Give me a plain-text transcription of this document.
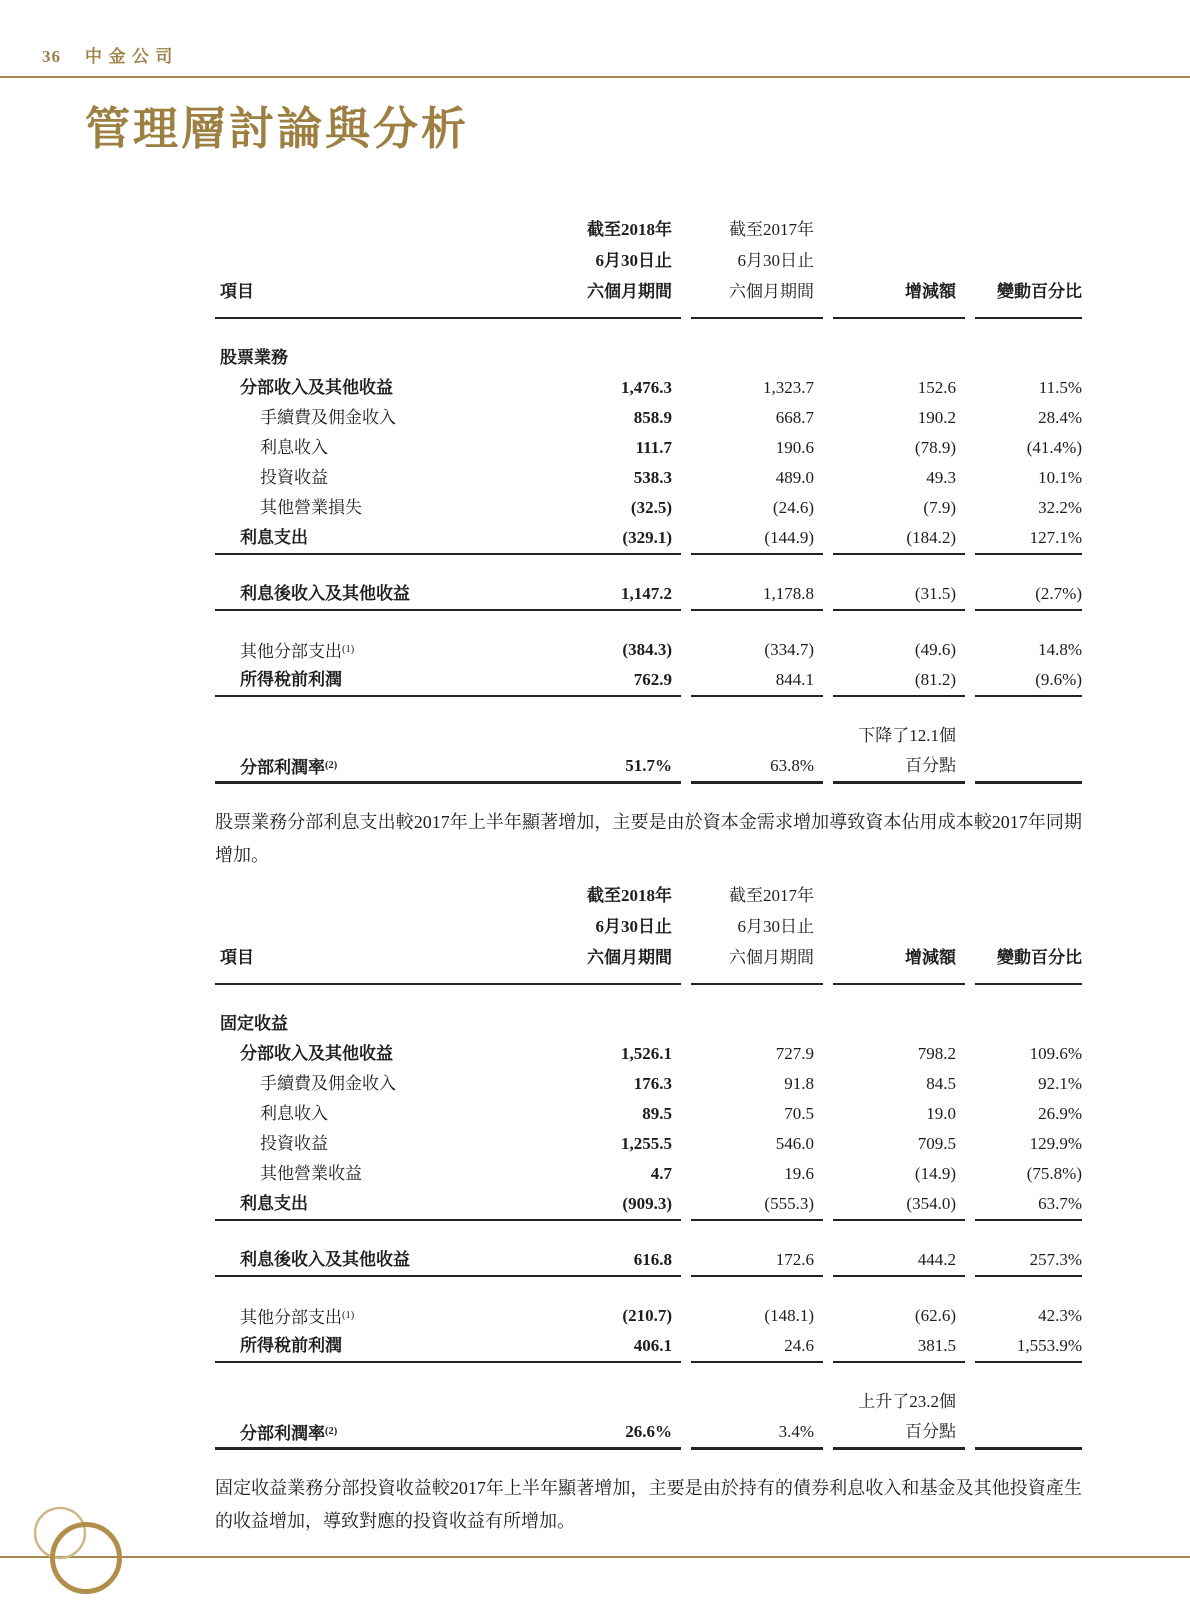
36 中金公司
管理層討論與分析
截至2018年	截至2017年
6月30日止	6月30日止
項目	六個月期間	六個月期間	增減額	變動百分比
股票業務
分部收入及其他收益	1,476.3	1,323.7	152.6	11.5%
手續費及佣金收入	858.9	668.7	190.2	28.4%
利息收入	111.7	190.6	(78.9)	(41.4%)
投資收益	538.3	489.0	49.3	10.1%
其他營業損失	(32.5)	(24.6)	(7.9)	32.2%
利息支出	(329.1)	(144.9)	(184.2)	127.1%
利息後收入及其他收益	1,147.2	1,178.8	(31.5)	(2.7%)
其他分部支出$^{(1)}$	(384.3)	(334.7)	(49.6)	14.8%
所得稅前利潤	762.9	844.1	(81.2)	(9.6%)
下降了12.1個
分部利潤率$^{(2)}$	51.7%	63.8%	百分點

股票業務分部利息支出較2017年上半年顯著增加，主要是由於資本金需求增加導致資本佔用成本較2017年同期增加。

截至2018年	截至2017年
6月30日止	6月30日止
項目	六個月期間	六個月期間	增減額	變動百分比
固定收益
分部收入及其他收益	1,526.1	727.9	798.2	109.6%
手續費及佣金收入	176.3	91.8	84.5	92.1%
利息收入	89.5	70.5	19.0	26.9%
投資收益	1,255.5	546.0	709.5	129.9%
其他營業收益	4.7	19.6	(14.9)	(75.8%)
利息支出	(909.3)	(555.3)	(354.0)	63.7%
利息後收入及其他收益	616.8	172.6	444.2	257.3%
其他分部支出$^{(1)}$	(210.7)	(148.1)	(62.6)	42.3%
所得稅前利潤	406.1	24.6	381.5	1,553.9%
上升了23.2個
分部利潤率$^{(2)}$	26.6%	3.4%	百分點

固定收益業務分部投資收益較2017年上半年顯著增加，主要是由於持有的債券利息收入和基金及其他投資產生的收益增加，導致對應的投資收益有所增加。
